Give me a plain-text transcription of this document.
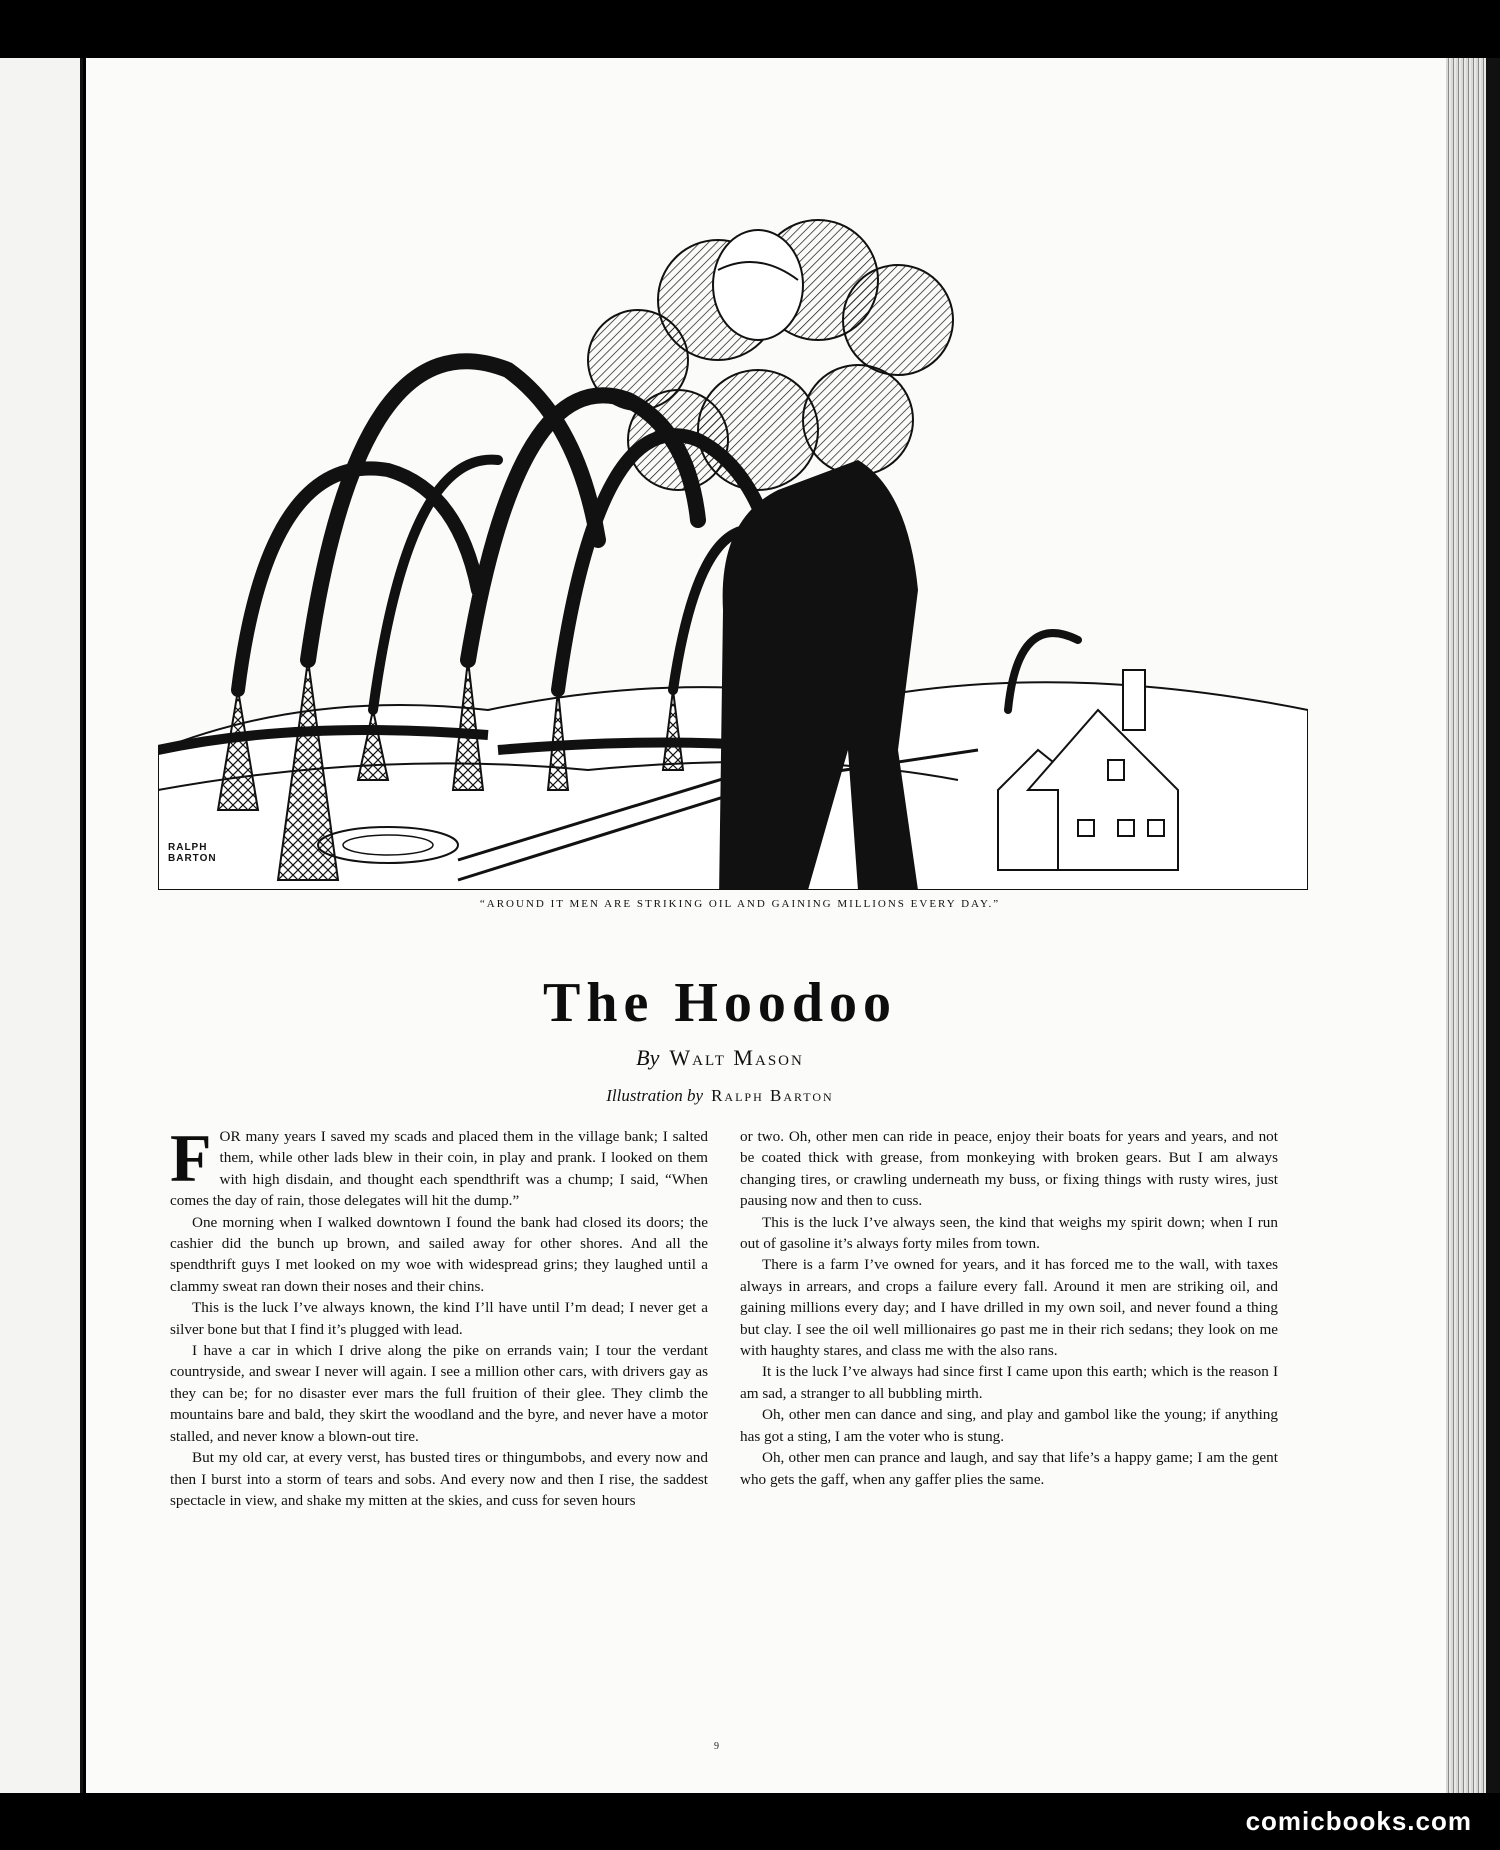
RALPH
BARTON
“AROUND IT MEN ARE STRIKING OIL AND GAINING MILLIONS EVERY DAY.”
The Hoodoo
By Walt Mason
Illustration by Ralph Barton

FOR many years I saved my scads and placed them in the village bank; I salted them, while other lads blew in their coin, in play and prank. I looked on them with high disdain, and thought each spendthrift was a chump; I said, “When comes the day of rain, those delegates will hit the dump.”

One morning when I walked downtown I found the bank had closed its doors; the cashier did the bunch up brown, and sailed away for other shores. And all the spendthrift guys I met looked on my woe with widespread grins; they laughed until a clammy sweat ran down their noses and their chins.

This is the luck I’ve always known, the kind I’ll have until I’m dead; I never get a silver bone but that I find it’s plugged with lead.

I have a car in which I drive along the pike on errands vain; I tour the verdant countryside, and swear I never will again. I see a million other cars, with drivers gay as they can be; for no disaster ever mars the full fruition of their glee. They climb the mountains bare and bald, they skirt the woodland and the byre, and never have a motor stalled, and never know a blown-out tire.

But my old car, at every verst, has busted tires or thingumbobs, and every now and then I burst into a storm of tears and sobs. And every now and then I rise, the saddest spectacle in view, and shake my mitten at the skies, and cuss for seven hours

or two. Oh, other men can ride in peace, enjoy their boats for years and years, and not be coated thick with grease, from monkeying with broken gears. But I am always changing tires, or crawling underneath my buss, or fixing things with rusty wires, just pausing now and then to cuss.

This is the luck I’ve always seen, the kind that weighs my spirit down; when I run out of gasoline it’s always forty miles from town.

There is a farm I’ve owned for years, and it has forced me to the wall, with taxes always in arrears, and crops a failure every fall. Around it men are striking oil, and gaining millions every day; and I have drilled in my own soil, and never found a thing but clay. I see the oil well millionaires go past me in their rich sedans; they look on me with haughty stares, and class me with the also rans.

It is the luck I’ve always had since first I came upon this earth; which is the reason I am sad, a stranger to all bubbling mirth.

Oh, other men can dance and sing, and play and gambol like the young; if anything has got a sting, I am the voter who is stung.

Oh, other men can prance and laugh, and say that life’s a happy game; I am the gent who gets the gaff, when any gaffer plies the same.

9
comicbooks.com
